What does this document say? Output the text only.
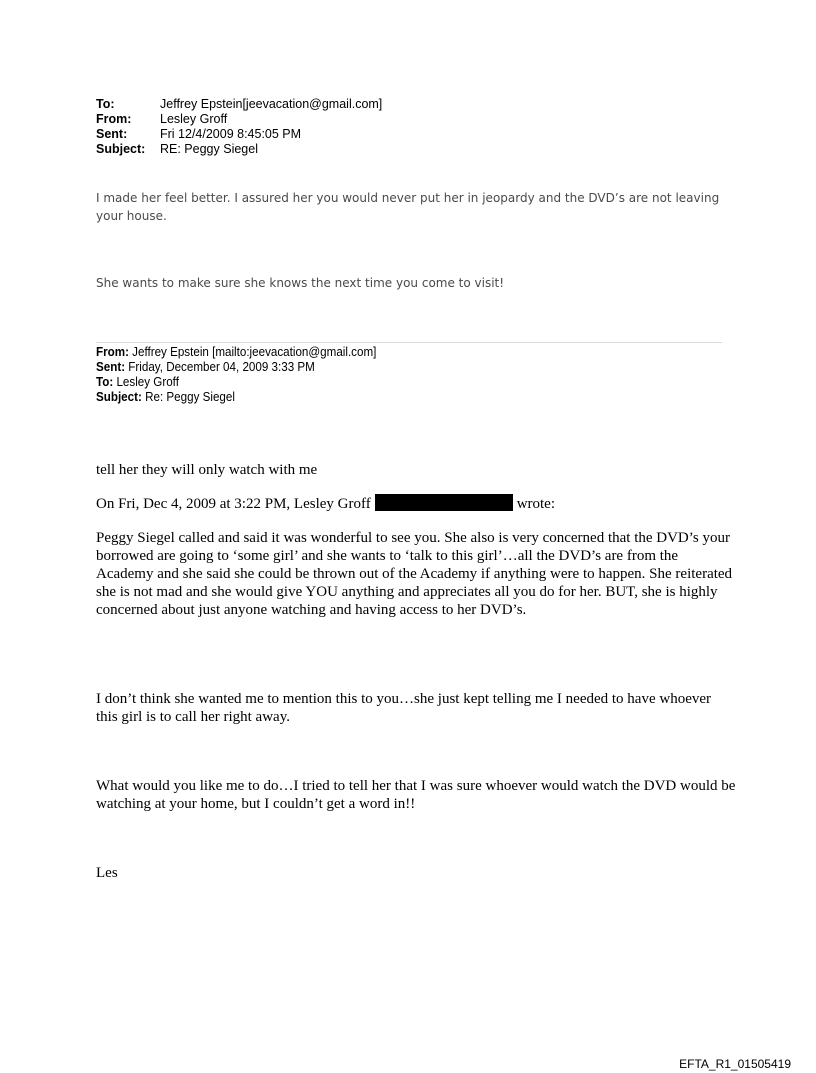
To:	Jeffrey Epstein[jeevacation@gmail.com]
From:	Lesley Groff
Sent:	Fri 12/4/2009 8:45:05 PM
Subject:	RE: Peggy Siegel
I made her feel better. I assured her you would never put her in jeopardy and the DVD’s are not leaving your house.
She wants to make sure she knows the next time you come to visit!
From: Jeffrey Epstein [mailto:jeevacation@gmail.com]
Sent: Friday, December 04, 2009 3:33 PM
To: Lesley Groff
Subject: Re: Peggy Siegel
tell her they will only watch with me
On Fri, Dec 4, 2009 at 3:22 PM, Lesley Groff	wrote:
Peggy Siegel called and said it was wonderful to see you. She also is very concerned that the DVD’s your borrowed are going to ‘some girl’ and she wants to ‘talk to this girl’…all the DVD’s are from the Academy and she said she could be thrown out of the Academy if anything were to happen. She reiterated she is not mad and she would give YOU anything and appreciates all you do for her. BUT, she is highly concerned about just anyone watching and having access to her DVD’s.
I don’t think she wanted me to mention this to you…she just kept telling me I needed to have whoever this girl is to call her right away.
What would you like me to do…I tried to tell her that I was sure whoever would watch the DVD would be watching at your home, but I couldn’t get a word in!!
Les
EFTA_R1_01505419
